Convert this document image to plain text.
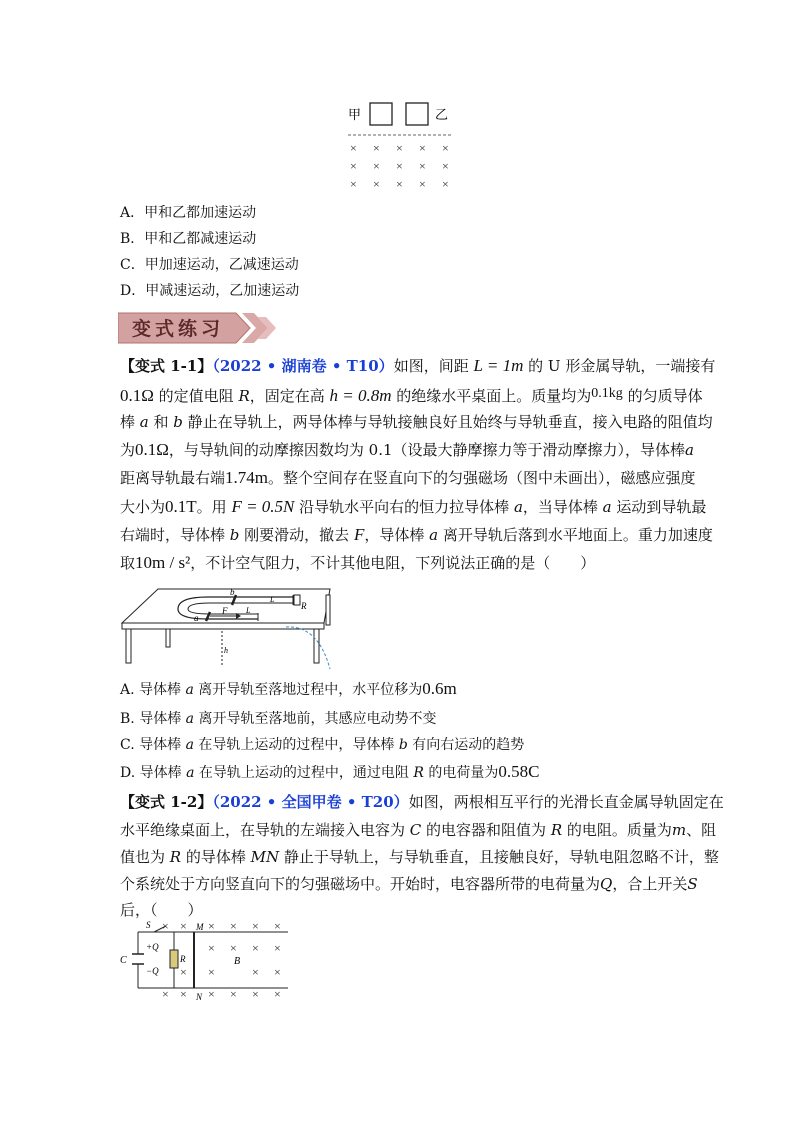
甲	乙
× × × × ×
× × × × ×
× × × × ×
A．甲和乙都加速运动
B．甲和乙都减速运动
C．甲加速运动，乙减速运动
D．甲减速运动，乙加速运动
变式练习
【变式 1-1】（2022 • 湖南卷 • T10）如图，间距 L = 1m 的 U 形金属导轨，一端接有
0.1Ω 的定值电阻 R，固定在高 h = 0.8m 的绝缘水平桌面上。质量均为0.1kg 的匀质导体
棒 a 和 b 静止在导轨上，两导体棒与导轨接触良好且始终与导轨垂直，接入电路的阻值均
为0.1Ω，与导轨间的动摩擦因数均为 0.1（设最大静摩擦力等于滑动摩擦力），导体棒a
距离导轨最右端1.74m。整个空间存在竖直向下的匀强磁场（图中未画出），磁感应强度
大小为0.1T。用 F = 0.5N 沿导轨水平向右的恒力拉导体棒 a，当导体棒 a 运动到导轨最
右端时，导体棒 b 刚要滑动，撤去 F，导体棒 a 离开导轨后落到水平地面上。重力加速度
取10m / s²，不计空气阻力，不计其他电阻，下列说法正确的是（　　）
R
b
a
F
L
L
h
A. 导体棒 a 离开导轨至落地过程中，水平位移为0.6m
B. 导体棒 a 离开导轨至落地前，其感应电动势不变
C. 导体棒 a 在导轨上运动的过程中，导体棒 b 有向右运动的趋势
D. 导体棒 a 在导轨上运动的过程中，通过电阻 R 的电荷量为0.58C
【变式 1-2】（2022 • 全国甲卷 • T20）如图，两根相互平行的光滑长直金属导轨固定在
水平绝缘桌面上，在导轨的左端接入电容为 C 的电容器和阻值为 R 的电阻。质量为m、阻
值也为 R 的导体棒 MN 静止于导轨上，与导轨垂直，且接触良好，导轨电阻忽略不计，整
个系统处于方向竖直向下的匀强磁场中。开始时，电容器所带的电荷量为Q，合上开关S
后，（　　）
C
+Q
−Q
S
R
M
N
B
× × × × × ×
× × × ×
× ×	× ×
× × × × × ×
